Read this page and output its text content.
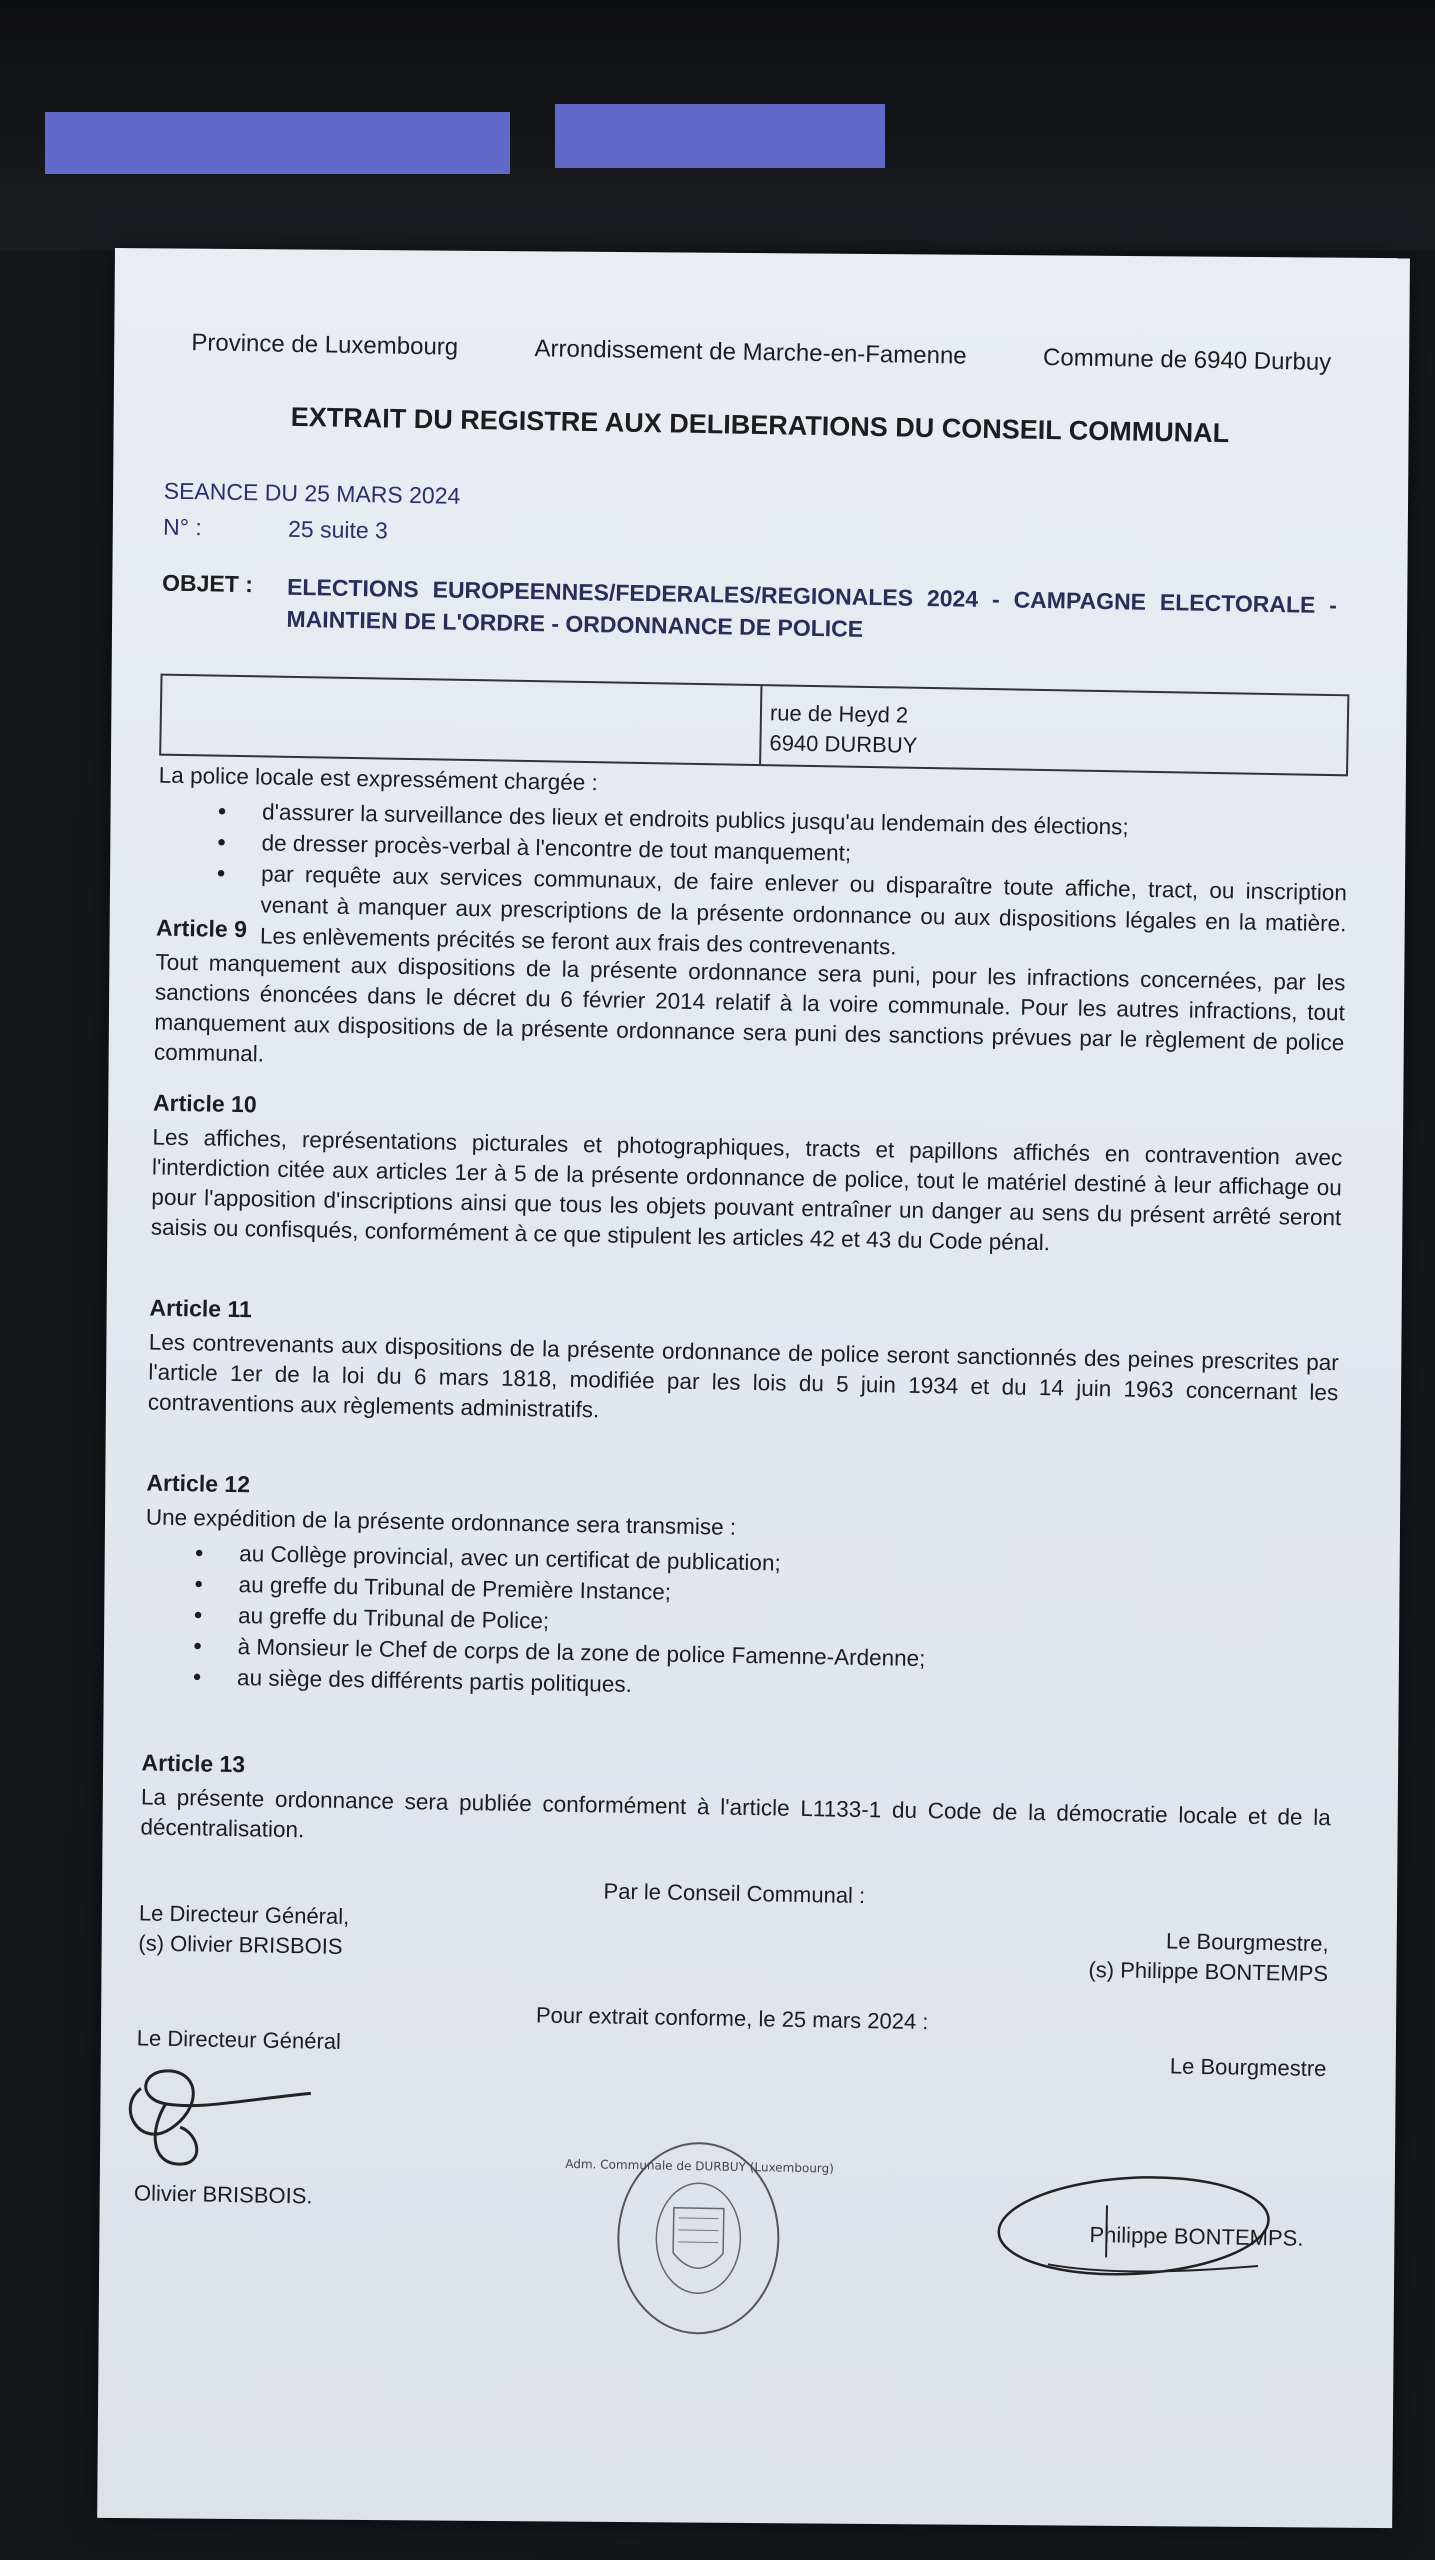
Province de Luxembourg	Arrondissement de Marche-en-Famenne	Commune de 6940 Durbuy
EXTRAIT DU REGISTRE AUX DELIBERATIONS DU CONSEIL COMMUNAL
SEANCE DU 25 MARS 2024
N° :	25 suite 3
OBJET : ELECTIONS EUROPEENNES/FEDERALES/REGIONALES 2024 - CAMPAGNE ELECTORALE - MAINTIEN DE L'ORDRE - ORDONNANCE DE POLICE
rue de Heyd 2
6940 DURBUY
La police locale est expressément chargée :
• d'assurer la surveillance des lieux et endroits publics jusqu'au lendemain des élections;
• de dresser procès-verbal à l'encontre de tout manquement;
• par requête aux services communaux, de faire enlever ou disparaître toute affiche, tract, ou inscription venant à manquer aux prescriptions de la présente ordonnance ou aux dispositions légales en la matière. Les enlèvements précités se feront aux frais des contrevenants.
Article 9
Tout manquement aux dispositions de la présente ordonnance sera puni, pour les infractions concernées, par les sanctions énoncées dans le décret du 6 février 2014 relatif à la voire communale. Pour les autres infractions, tout manquement aux dispositions de la présente ordonnance sera puni des sanctions prévues par le règlement de police communal.
Article 10
Les affiches, représentations picturales et photographiques, tracts et papillons affichés en contravention avec l'interdiction citée aux articles 1er à 5 de la présente ordonnance de police, tout le matériel destiné à leur affichage ou pour l'apposition d'inscriptions ainsi que tous les objets pouvant entraîner un danger au sens du présent arrêté seront saisis ou confisqués, conformément à ce que stipulent les articles 42 et 43 du Code pénal.
Article 11
Les contrevenants aux dispositions de la présente ordonnance de police seront sanctionnés des peines prescrites par l'article 1er de la loi du 6 mars 1818, modifiée par les lois du 5 juin 1934 et du 14 juin 1963 concernant les contraventions aux règlements administratifs.
Article 12
Une expédition de la présente ordonnance sera transmise :
• au Collège provincial, avec un certificat de publication;
• au greffe du Tribunal de Première Instance;
• au greffe du Tribunal de Police;
• à Monsieur le Chef de corps de la zone de police Famenne-Ardenne;
• au siège des différents partis politiques.
Article 13
La présente ordonnance sera publiée conformément à l'article L1133-1 du Code de la démocratie locale et de la décentralisation.
Par le Conseil Communal :
Le Directeur Général,
(s) Olivier BRISBOIS	Le Bourgmestre,
(s) Philippe BONTEMPS
Pour extrait conforme, le 25 mars 2024 :
Le Directeur Général
Le Bourgmestre
Olivier BRISBOIS.
Adm. Communale de DURBUY (Luxembourg)
Philippe BONTEMPS.
